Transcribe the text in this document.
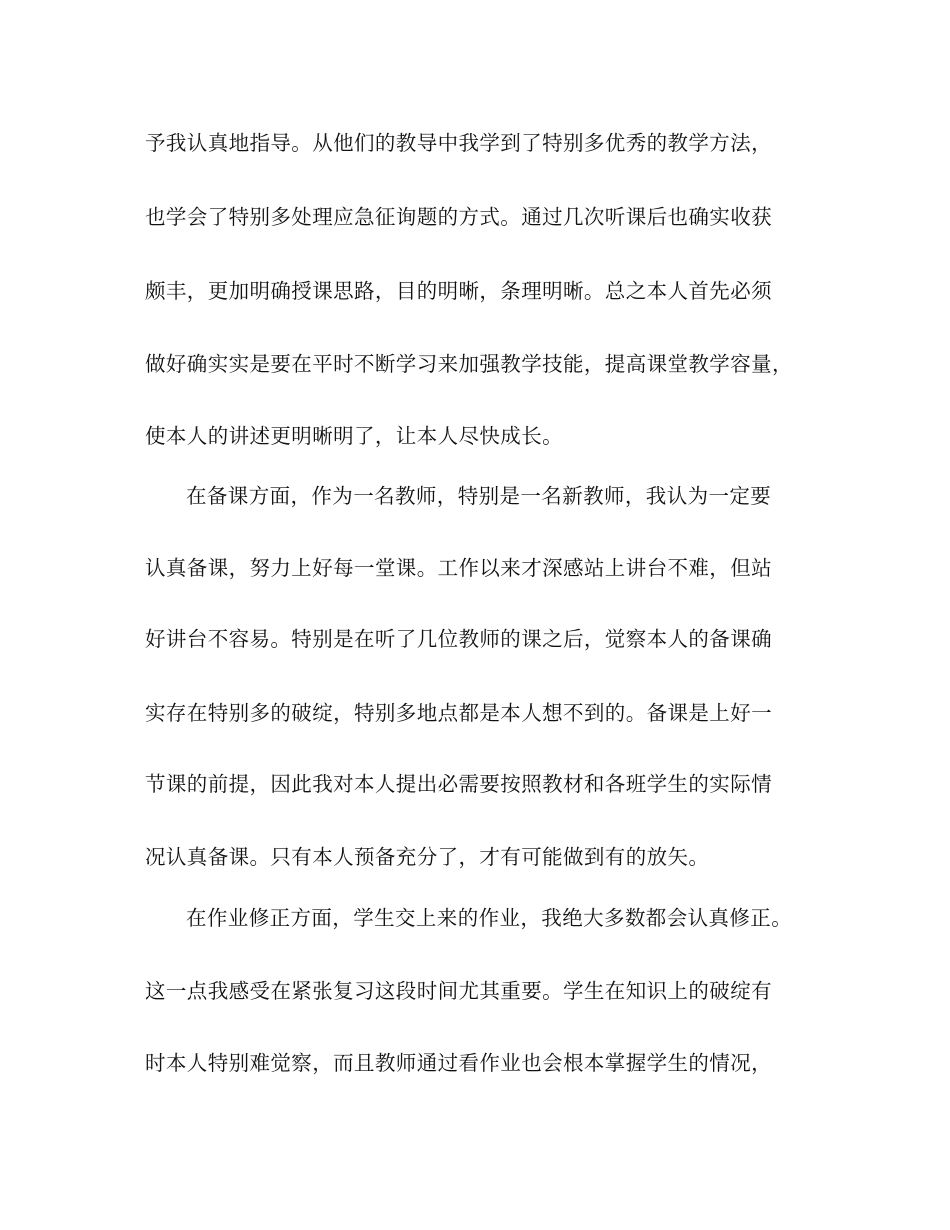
予我认真地指导。从他们的教导中我学到了特别多优秀的教学方法，
也学会了特别多处理应急征询题的方式。通过几次听课后也确实收获
颇丰，更加明确授课思路，目的明晰，条理明晰。总之本人首先必须
做好确实实是要在平时不断学习来加强教学技能，提高课堂教学容量，
使本人的讲述更明晰明了，让本人尽快成长。
在备课方面，作为一名教师，特别是一名新教师，我认为一定要
认真备课，努力上好每一堂课。工作以来才深感站上讲台不难，但站
好讲台不容易。特别是在听了几位教师的课之后，觉察本人的备课确
实存在特别多的破绽，特别多地点都是本人想不到的。备课是上好一
节课的前提，因此我对本人提出必需要按照教材和各班学生的实际情
况认真备课。只有本人预备充分了，才有可能做到有的放矢。
在作业修正方面，学生交上来的作业，我绝大多数都会认真修正。
这一点我感受在紧张复习这段时间尤其重要。学生在知识上的破绽有
时本人特别难觉察，而且教师通过看作业也会根本掌握学生的情况，
